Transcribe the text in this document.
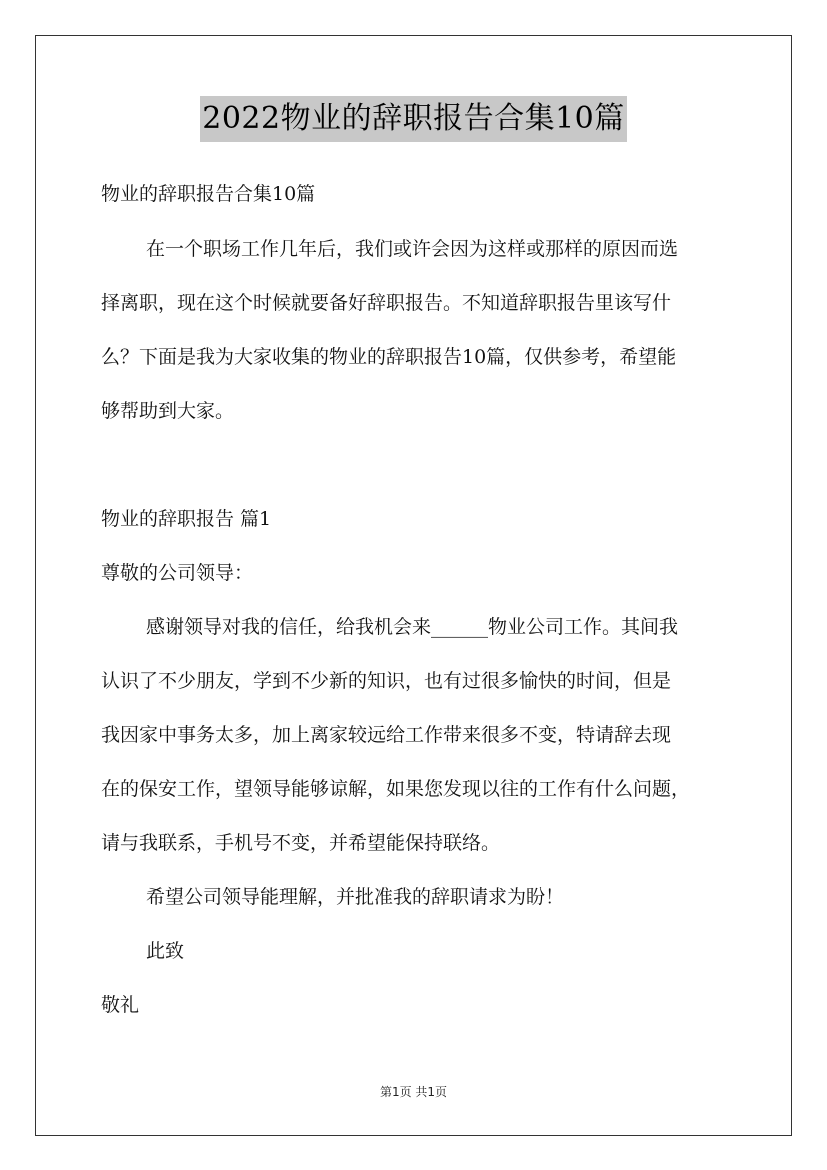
2022物业的辞职报告合集10篇
物业的辞职报告合集10篇
在一个职场工作几年后，我们或许会因为这样或那样的原因而选
择离职，现在这个时候就要备好辞职报告。不知道辞职报告里该写什
么？下面是我为大家收集的物业的辞职报告10篇，仅供参考，希望能
够帮助到大家。
物业的辞职报告 篇1
尊敬的公司领导：
感谢领导对我的信任，给我机会来______物业公司工作。其间我
认识了不少朋友，学到不少新的知识，也有过很多愉快的时间，但是
我因家中事务太多，加上离家较远给工作带来很多不变，特请辞去现
在的保安工作，望领导能够谅解，如果您发现以往的工作有什么问题，
请与我联系，手机号不变，并希望能保持联络。
希望公司领导能理解，并批准我的辞职请求为盼！
此致
敬礼
第1页 共1页
